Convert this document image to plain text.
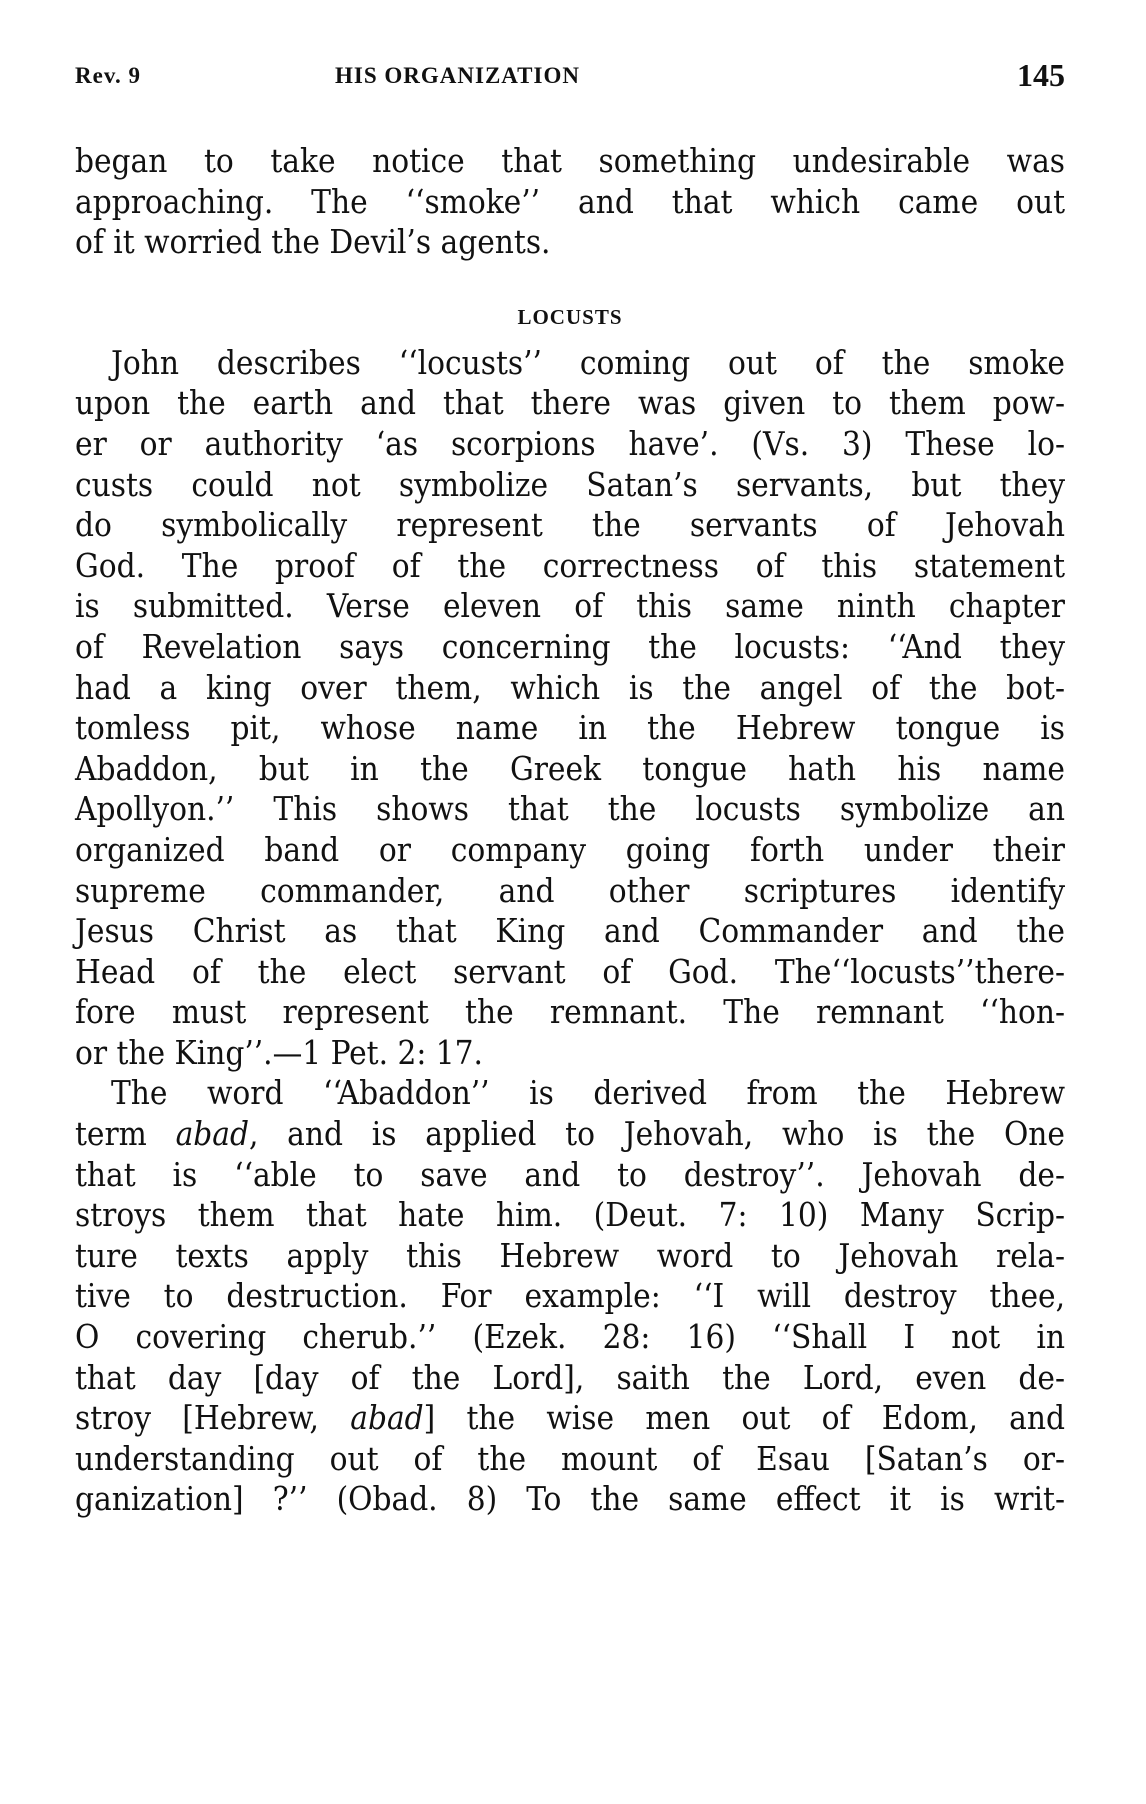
Rev. 9	HIS ORGANIZATION	145
began to take notice that something undesirable was
approaching. The ‘‘smoke’’ and that which came out
of it worried the Devil’s agents.
LOCUSTS
John describes ‘‘locusts’’ coming out of the smoke
upon the earth and that there was given to them pow-
er or authority ‘as scorpions have’. (Vs. 3) These lo-
custs could not symbolize Satan’s servants, but they
do symbolically represent the servants of Jehovah
God. The proof of the correctness of this statement
is submitted. Verse eleven of this same ninth chapter
of Revelation says concerning the locusts: ‘‘And they
had a king over them, which is the angel of the bot-
tomless pit, whose name in the Hebrew tongue is
Abaddon, but in the Greek tongue hath his name
Apollyon.’’ This shows that the locusts symbolize an
organized band or company going forth under their
supreme commander, and other scriptures identify
Jesus Christ as that King and Commander and the
Head of the elect servant of God. The‘‘locusts’’there-
fore must represent the remnant. The remnant ‘‘hon-
or the King’’.—1 Pet. 2: 17.
The word ‘‘Abaddon’’ is derived from the Hebrew
term abad, and is applied to Jehovah, who is the One
that is ‘‘able to save and to destroy’’. Jehovah de-
stroys them that hate him. (Deut. 7: 10) Many Scrip-
ture texts apply this Hebrew word to Jehovah rela-
tive to destruction. For example: ‘‘I will destroy thee,
O covering cherub.’’ (Ezek. 28: 16) ‘‘Shall I not in
that day [day of the Lord], saith the Lord, even de-
stroy [Hebrew, abad] the wise men out of Edom, and
understanding out of the mount of Esau [Satan’s or-
ganization] ?’’ (Obad. 8) To the same effect it is writ-
